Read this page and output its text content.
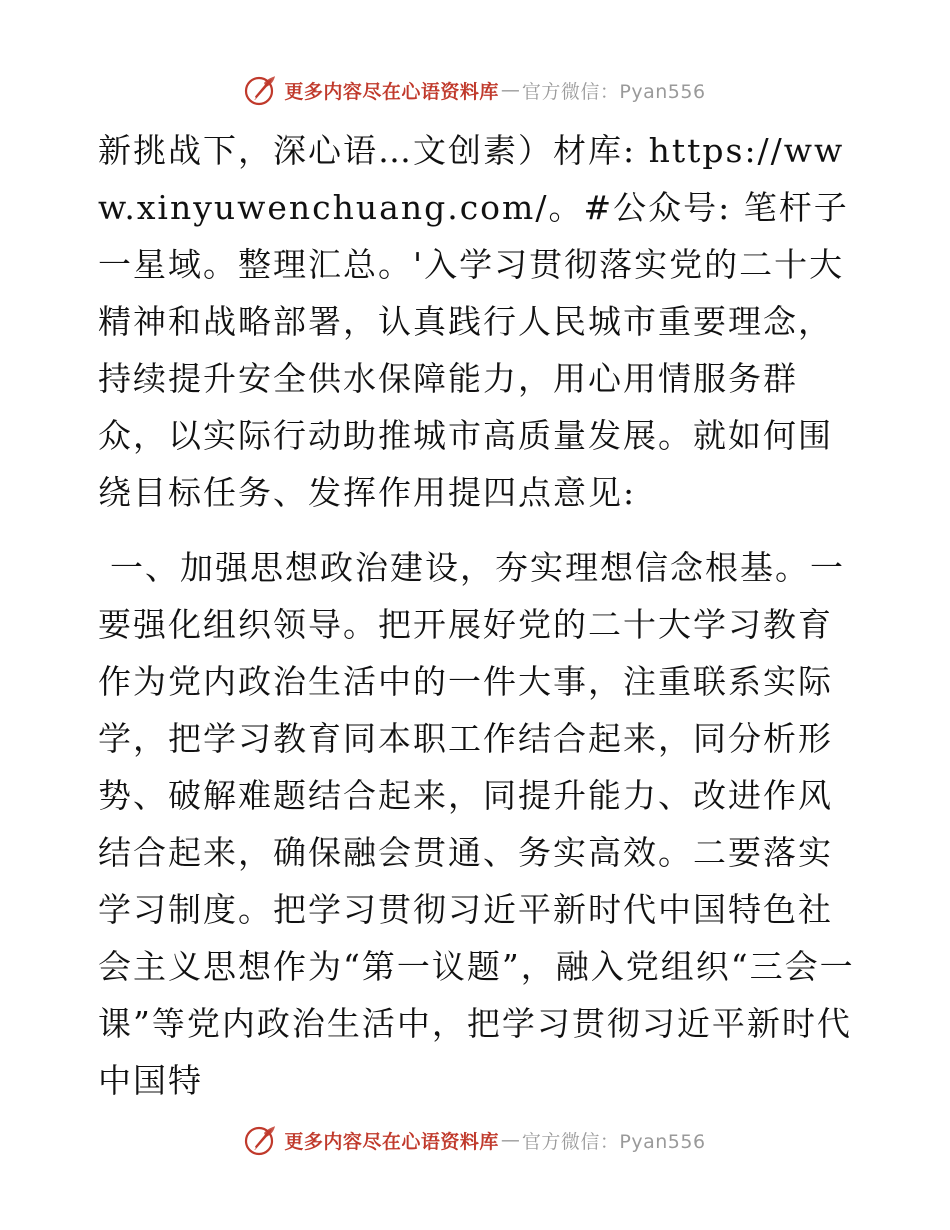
更多内容尽在心语资料库 — 官方微信：Pyan556

新挑战下，深心语…文创素）材库: https://www.xinyuwenchuang.com/。#公众号: 笔杆子一星域。整理汇总。'入学习贯彻落实党的二十大精神和战略部署，认真践行人民城市重要理念，持续提升安全供水保障能力，用心用情服务群众，以实际行动助推城市高质量发展。就如何围绕目标任务、发挥作用提四点意见:

一、加强思想政治建设，夯实理想信念根基。一要强化组织领导。把开展好党的二十大学习教育作为党内政治生活中的一件大事，注重联系实际学，把学习教育同本职工作结合起来，同分析形势、破解难题结合起来，同提升能力、改进作风结合起来，确保融会贯通、务实高效。二要落实学习制度。把学习贯彻习近平新时代中国特色社会主义思想作为“第一议题”，融入党组织“三会一课”等党内政治生活中，把学习贯彻习近平新时代中国特

更多内容尽在心语资料库 — 官方微信：Pyan556
